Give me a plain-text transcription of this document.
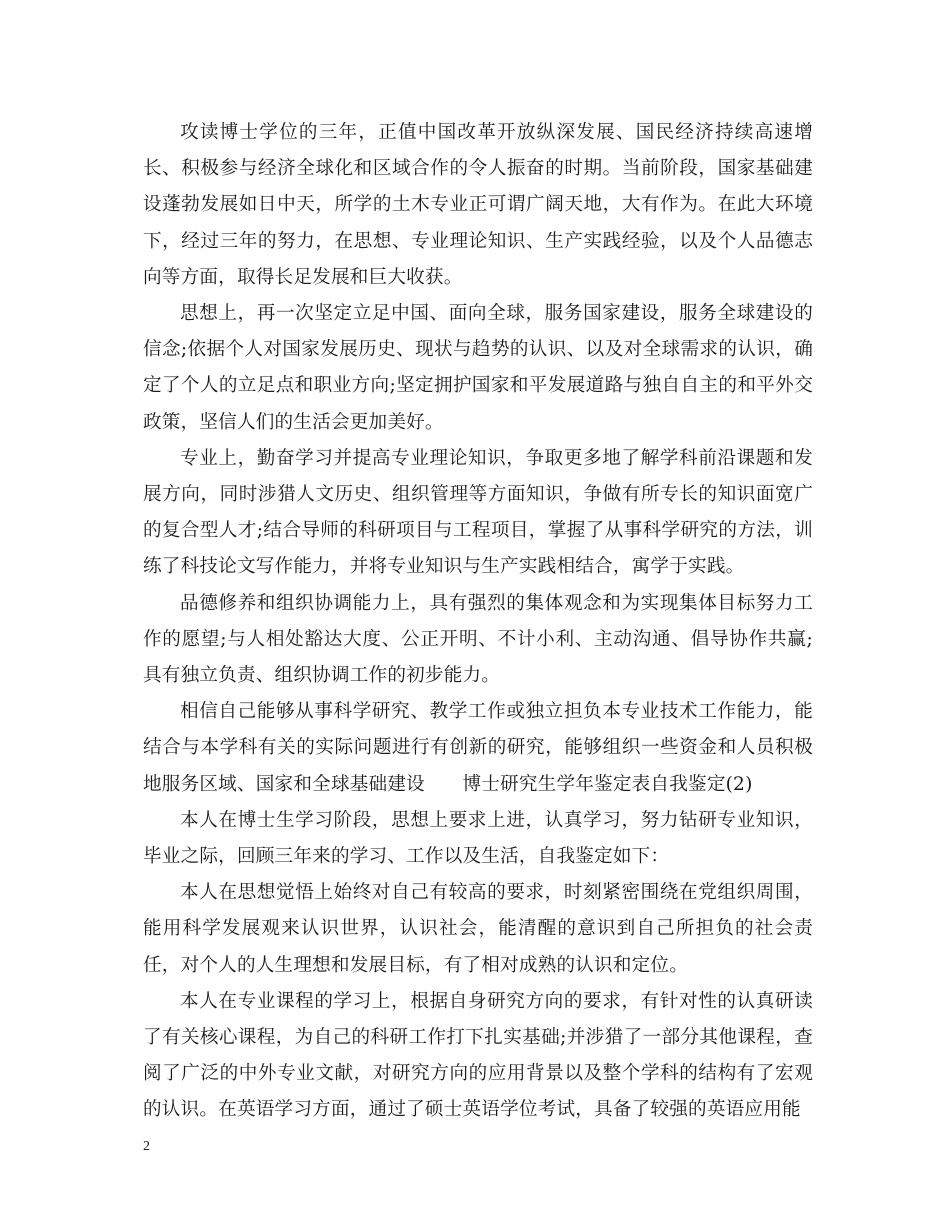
攻读博士学位的三年，正值中国改革开放纵深发展、国民经济持续高速增长、积极参与经济全球化和区域合作的令人振奋的时期。当前阶段，国家基础建设蓬勃发展如日中天，所学的土木专业正可谓广阔天地，大有作为。在此大环境下，经过三年的努力，在思想、专业理论知识、生产实践经验，以及个人品德志向等方面，取得长足发展和巨大收获。

思想上，再一次坚定立足中国、面向全球，服务国家建设，服务全球建设的信念;依据个人对国家发展历史、现状与趋势的认识、以及对全球需求的认识，确定了个人的立足点和职业方向;坚定拥护国家和平发展道路与独自自主的和平外交政策，坚信人们的生活会更加美好。

专业上，勤奋学习并提高专业理论知识，争取更多地了解学科前沿课题和发展方向，同时涉猎人文历史、组织管理等方面知识，争做有所专长的知识面宽广的复合型人才;结合导师的科研项目与工程项目，掌握了从事科学研究的方法，训练了科技论文写作能力，并将专业知识与生产实践相结合，寓学于实践。

品德修养和组织协调能力上，具有强烈的集体观念和为实现集体目标努力工作的愿望;与人相处豁达大度、公正开明、不计小利、主动沟通、倡导协作共赢;具有独立负责、组织协调工作的初步能力。

相信自己能够从事科学研究、教学工作或独立担负本专业技术工作能力，能结合与本学科有关的实际问题进行有创新的研究，能够组织一些资金和人员积极地服务区域、国家和全球基础建设　　博士研究生学年鉴定表自我鉴定(2)

本人在博士生学习阶段，思想上要求上进，认真学习，努力钻研专业知识，毕业之际，回顾三年来的学习、工作以及生活，自我鉴定如下：

本人在思想觉悟上始终对自己有较高的要求，时刻紧密围绕在党组织周围，能用科学发展观来认识世界，认识社会，能清醒的意识到自己所担负的社会责任，对个人的人生理想和发展目标，有了相对成熟的认识和定位。

本人在专业课程的学习上，根据自身研究方向的要求，有针对性的认真研读了有关核心课程，为自己的科研工作打下扎实基础;并涉猎了一部分其他课程，查阅了广泛的中外专业文献，对研究方向的应用背景以及整个学科的结构有了宏观的认识。在英语学习方面，通过了硕士英语学位考试，具备了较强的英语应用能

2
